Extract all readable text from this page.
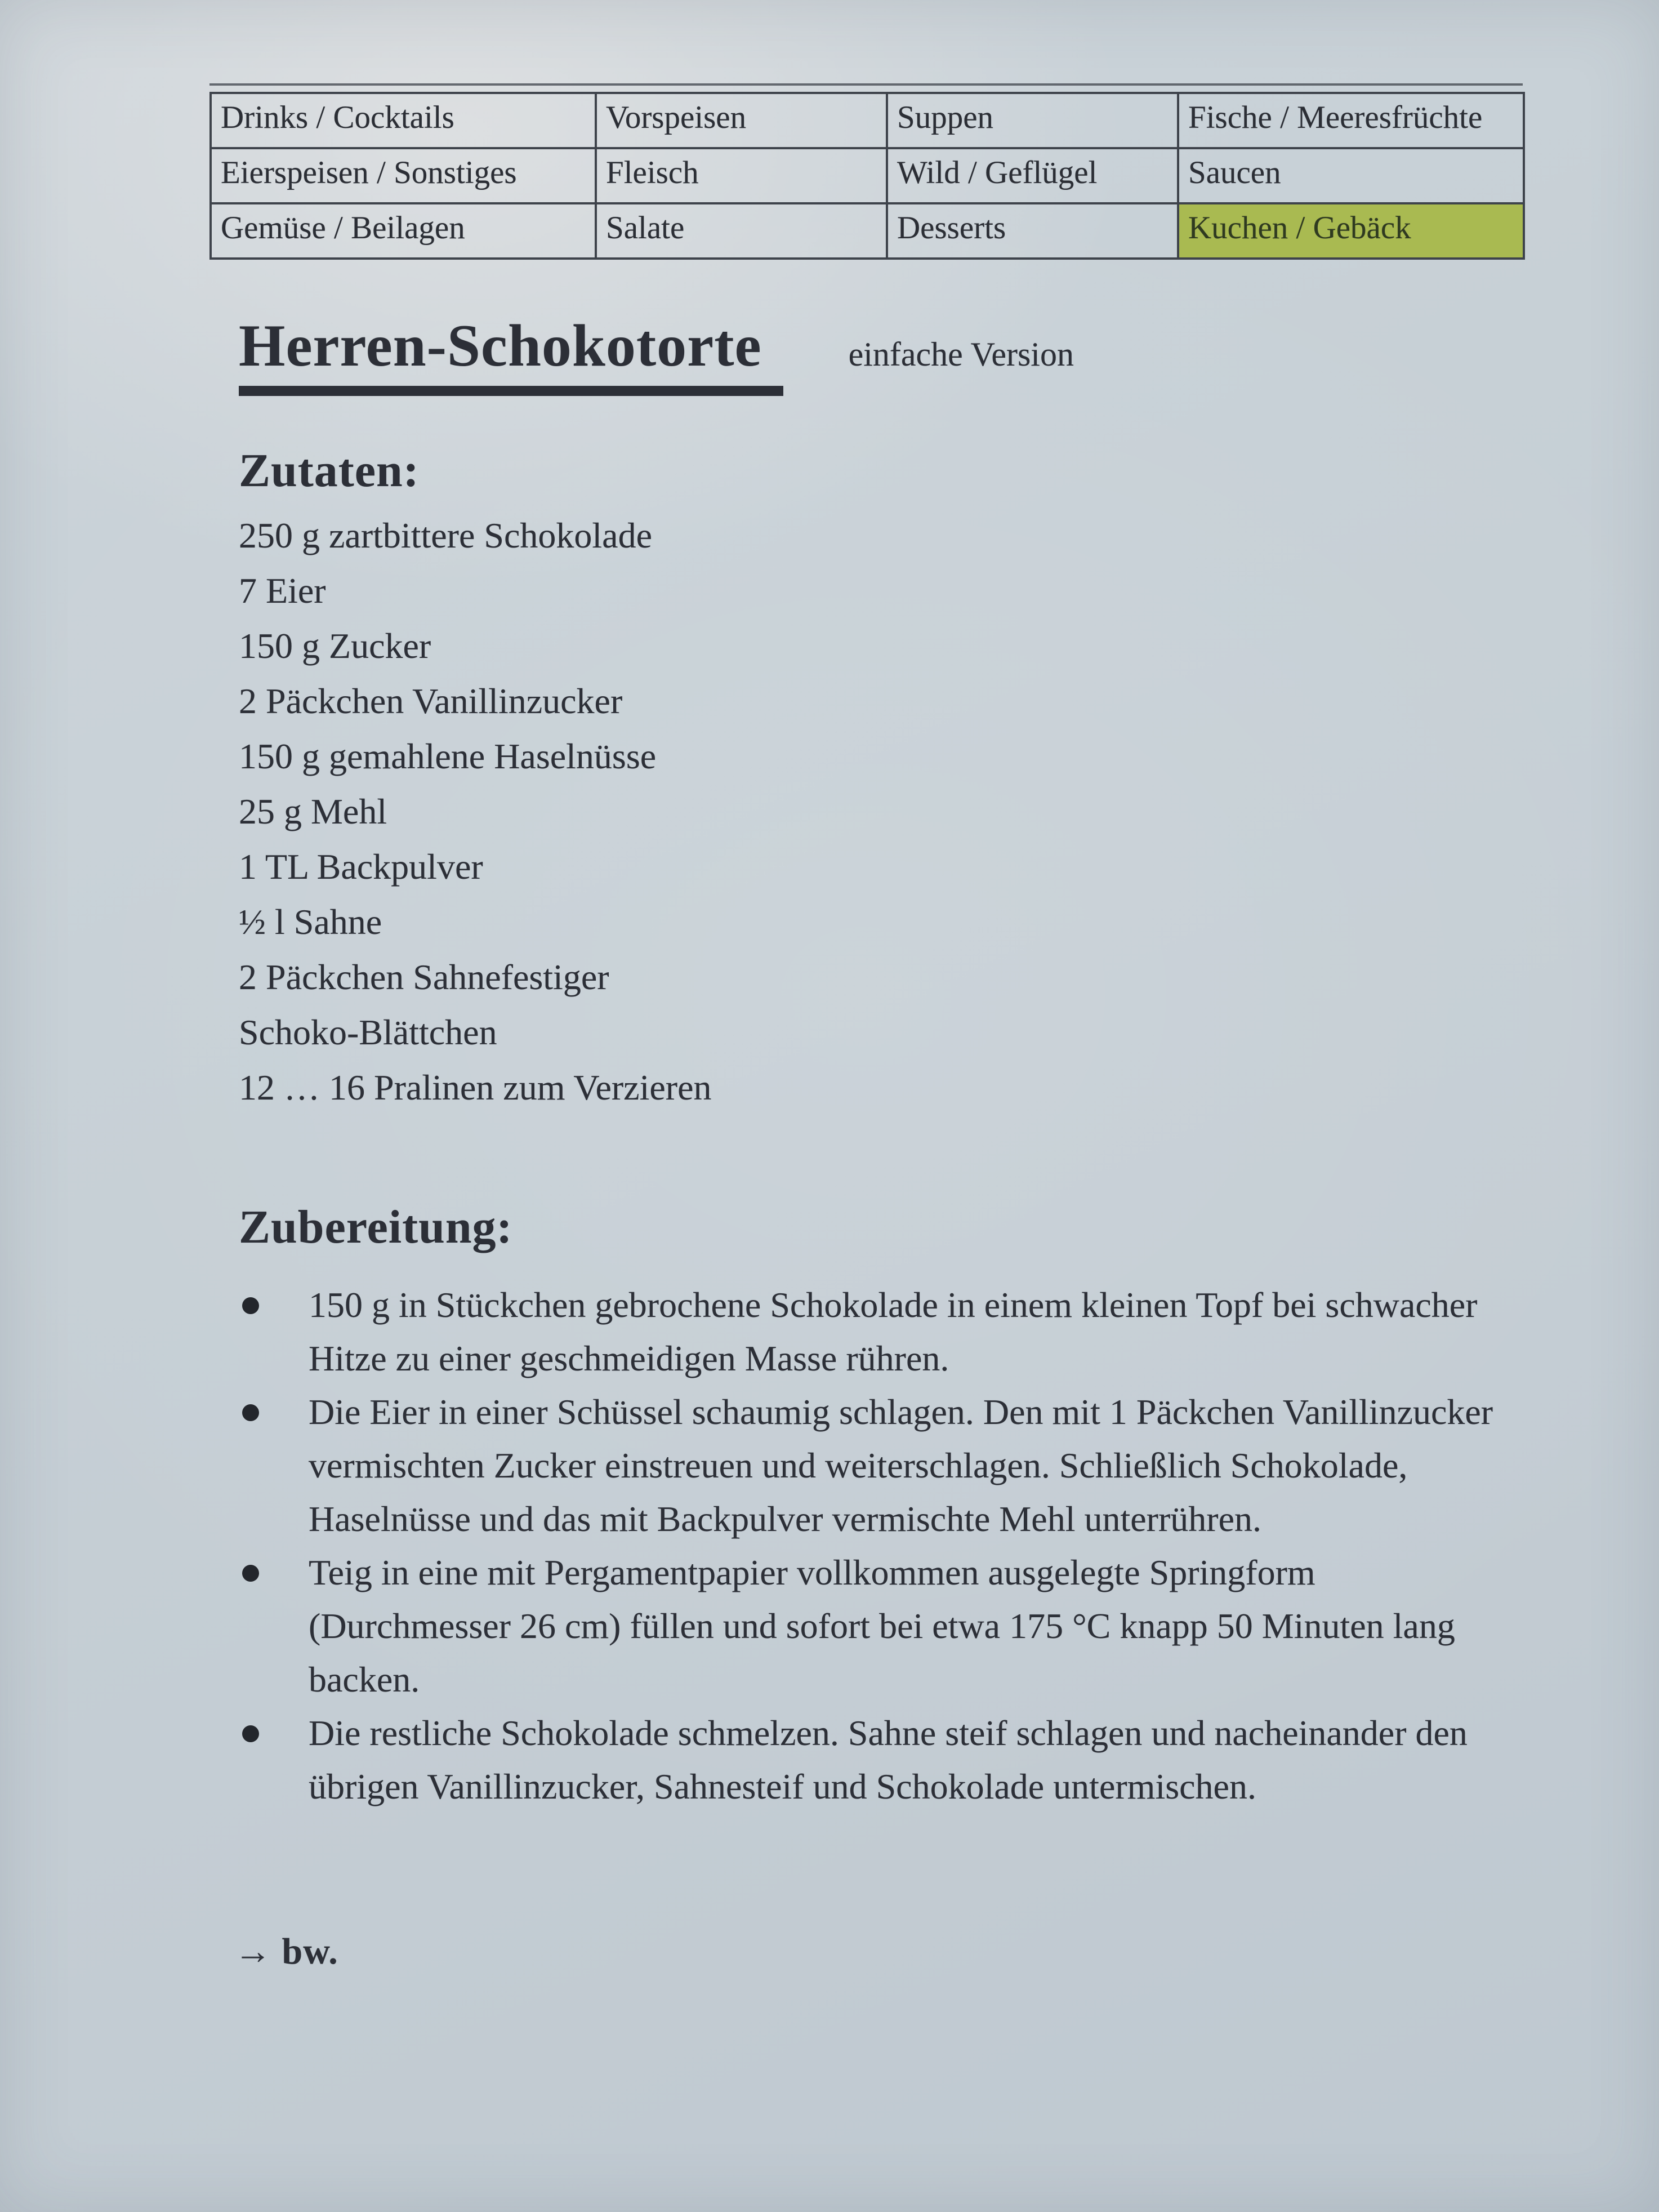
Drinks / Cocktails	Vorspeisen	Suppen	Fische / Meeresfrüchte
Eierspeisen / Sonstiges	Fleisch	Wild / Geflügel	Saucen
Gemüse / Beilagen	Salate	Desserts	Kuchen / Gebäck
Herren-Schokotorte	einfache Version
Zutaten:
250 g zartbittere Schokolade
7 Eier
150 g Zucker
2 Päckchen Vanillinzucker
150 g gemahlene Haselnüsse
25 g Mehl
1 TL Backpulver
½ l Sahne
2 Päckchen Sahnefestiger
Schoko-Blättchen
12 … 16 Pralinen zum Verzieren
Zubereitung:
150 g in Stückchen gebrochene Schokolade in einem kleinen Topf bei schwacher Hitze zu einer geschmeidigen Masse rühren.
Die Eier in einer Schüssel schaumig schlagen. Den mit 1 Päckchen Vanillinzucker vermischten Zucker einstreuen und weiterschlagen. Schließlich Schokolade, Haselnüsse und das mit Backpulver vermischte Mehl unterrühren.
Teig in eine mit Pergamentpapier vollkommen ausgelegte Springform (Durchmesser 26 cm) füllen und sofort bei etwa 175 °C knapp 50 Minuten lang backen.
Die restliche Schokolade schmelzen. Sahne steif schlagen und nacheinander den übrigen Vanillinzucker, Sahnesteif und Schokolade untermischen.
→ bw.
